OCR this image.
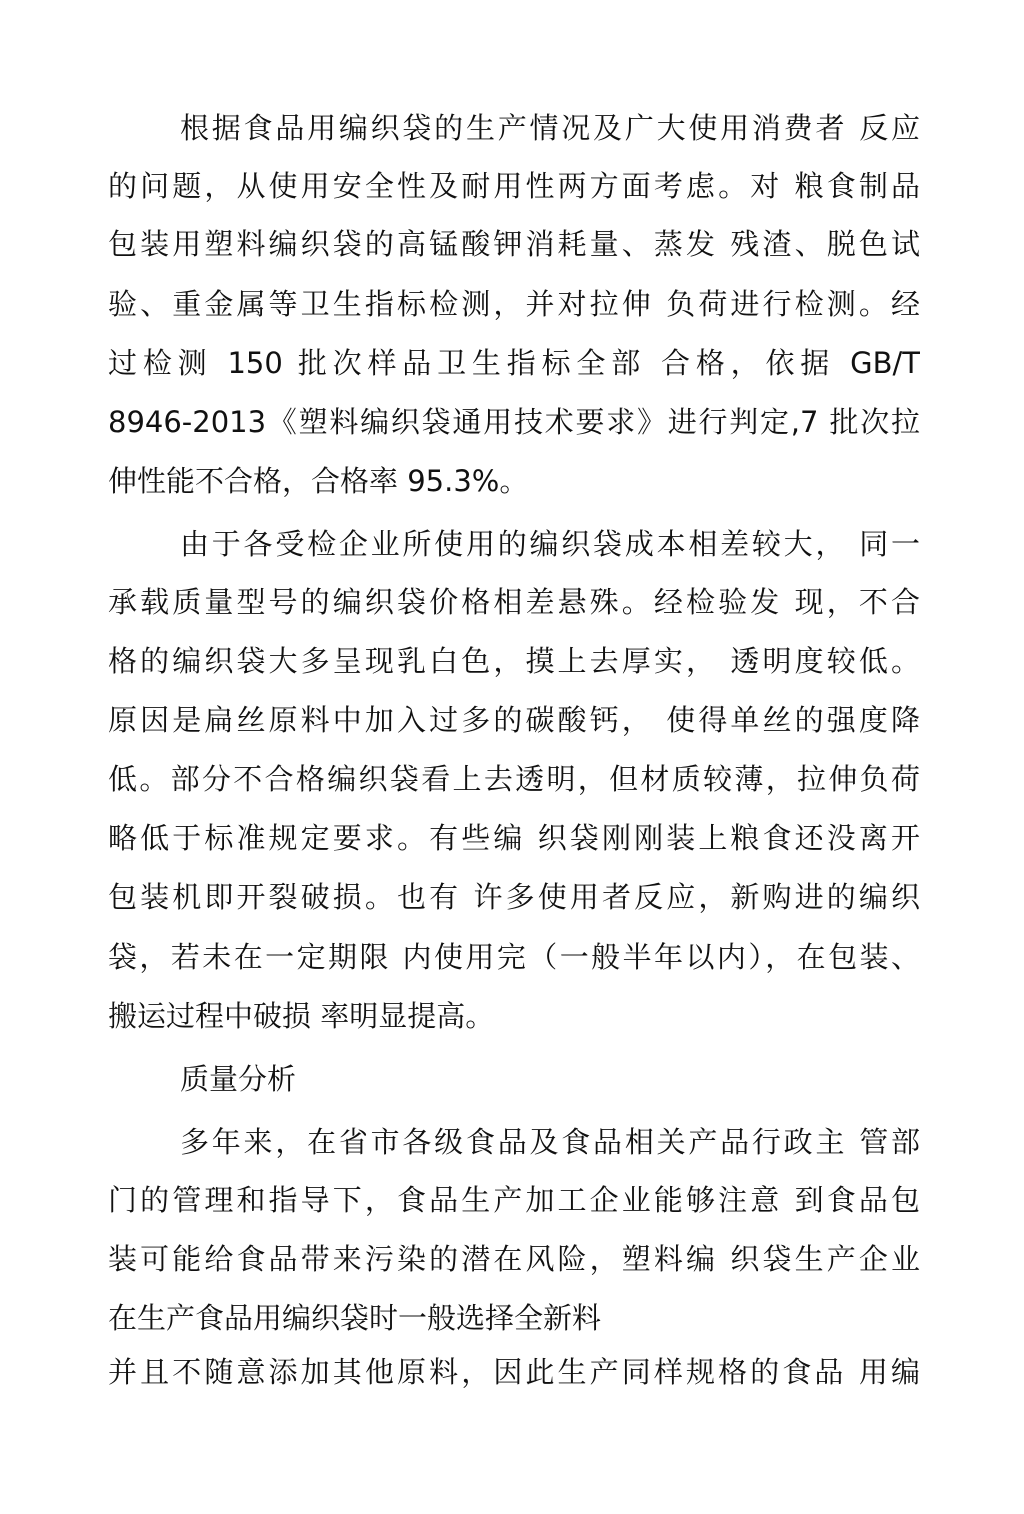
根据食品用编织袋的生产情况及广大使用消费者 反应
的问题，从使用安全性及耐用性两方面考虑。对 粮食制品
包装用塑料编织袋的高锰酸钾消耗量、蒸发 残渣、脱色试
验、重金属等卫生指标检测，并对拉伸 负荷进行检测。经
过检测 150 批次样品卫生指标全部 合格，依据 GB/T
8946-2013《塑料编织袋通用技术要求》进行判定,7 批次拉
伸性能不合格，合格率 95.3%。
由于各受检企业所使用的编织袋成本相差较大， 同一
承载质量型号的编织袋价格相差悬殊。经检验发 现，不合
格的编织袋大多呈现乳白色，摸上去厚实， 透明度较低。
原因是扁丝原料中加入过多的碳酸钙， 使得单丝的强度降
低。部分不合格编织袋看上去透明，但材质较薄，拉伸负荷
略低于标准规定要求。有些编 织袋刚刚装上粮食还没离开
包装机即开裂破损。也有 许多使用者反应，新购进的编织
袋，若未在一定期限 内使用完（一般半年以内），在包装、
搬运过程中破损 率明显提高。
质量分析
多年来，在省市各级食品及食品相关产品行政主 管部
门的管理和指导下，食品生产加工企业能够注意 到食品包
装可能给食品带来污染的潜在风险，塑料编 织袋生产企业
在生产食品用编织袋时一般选择全新料
并且不随意添加其他原料，因此生产同样规格的食品 用编
